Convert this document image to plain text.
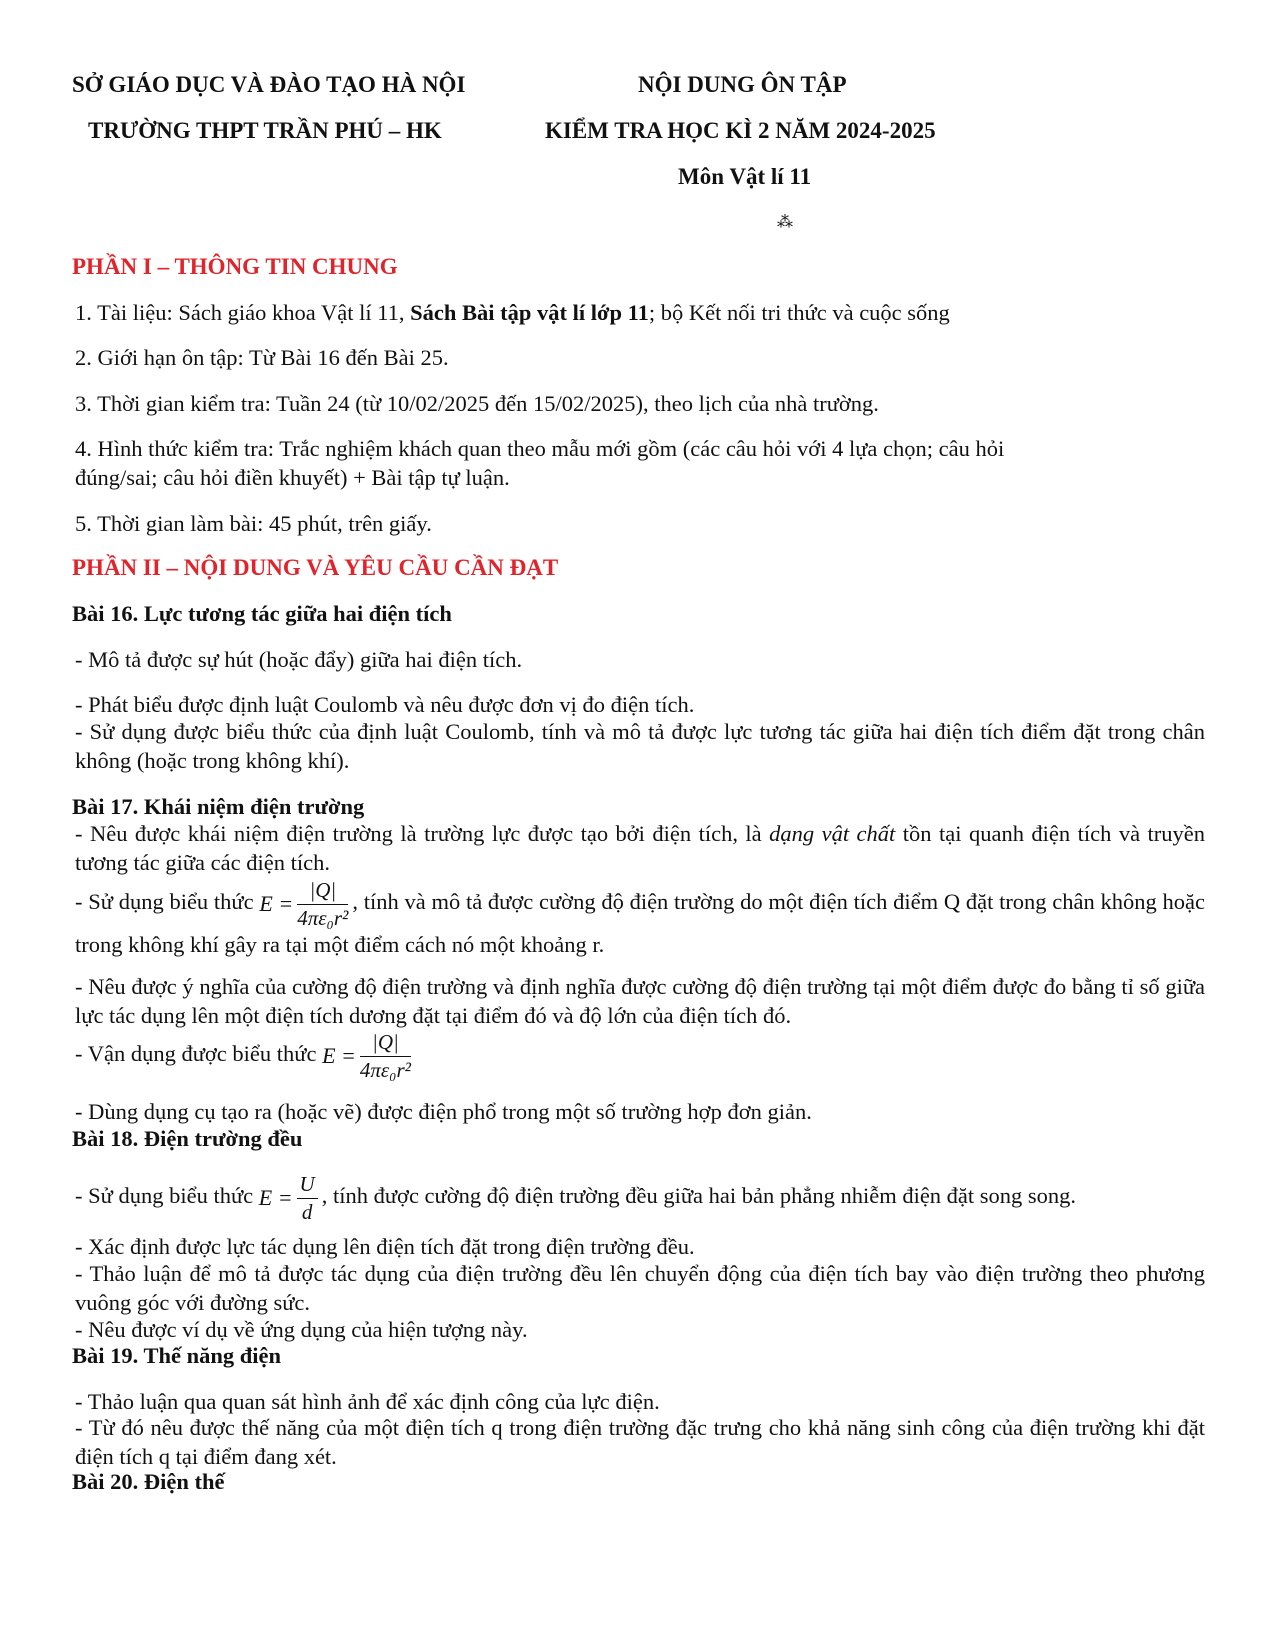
SỞ GIÁO DỤC VÀ ĐÀO TẠO HÀ NỘI
TRƯỜNG THPT TRẦN PHÚ – HK
NỘI DUNG ÔN TẬP
KIỂM TRA HỌC KÌ 2 NĂM 2024-2025
Môn Vật lí 11
⁂
PHẦN I – THÔNG TIN CHUNG
1. Tài liệu: Sách giáo khoa Vật lí 11, Sách Bài tập vật lí lớp 11; bộ Kết nối tri thức và cuộc sống
2. Giới hạn ôn tập: Từ Bài 16 đến Bài 25.
3. Thời gian kiểm tra: Tuần 24 (từ 10/02/2025 đến 15/02/2025), theo lịch của nhà trường.
4. Hình thức kiểm tra: Trắc nghiệm khách quan theo mẫu mới gồm (các câu hỏi với 4 lựa chọn; câu hỏi đúng/sai; câu hỏi điền khuyết) + Bài tập tự luận.
5. Thời gian làm bài: 45 phút, trên giấy.
PHẦN II – NỘI DUNG VÀ YÊU CẦU CẦN ĐẠT
Bài 16. Lực tương tác giữa hai điện tích
- Mô tả được sự hút (hoặc đẩy) giữa hai điện tích.
- Phát biểu được định luật Coulomb và nêu được đơn vị đo điện tích.
- Sử dụng được biểu thức của định luật Coulomb, tính và mô tả được lực tương tác giữa hai điện tích điểm đặt trong chân không (hoặc trong không khí).
Bài 17. Khái niệm điện trường
- Nêu được khái niệm điện trường là trường lực được tạo bởi điện tích, là dạng vật chất tồn tại quanh điện tích và truyền tương tác giữa các điện tích.
- Sử dụng biểu thức $E = \frac{|Q|}{\text{4πε₀r²}}$ , tính và mô tả được cường độ điện trường do một điện tích điểm Q đặt trong chân không hoặc trong không khí gây ra tại một điểm cách nó một khoảng r.
- Nêu được ý nghĩa của cường độ điện trường và định nghĩa được cường độ điện trường tại một điểm được đo bằng tỉ số giữa lực tác dụng lên một điện tích dương đặt tại điểm đó và độ lớn của điện tích đó.
- Vận dụng được biểu thức $E = \frac{|Q|}{\text{4πε₀r²}}$
- Dùng dụng cụ tạo ra (hoặc vẽ) được điện phổ trong một số trường hợp đơn giản.
Bài 18. Điện trường đều
- Sử dụng biểu thức $E = \frac{U}{d}$ , tính được cường độ điện trường đều giữa hai bản phẳng nhiễm điện đặt song song.
- Xác định được lực tác dụng lên điện tích đặt trong điện trường đều.
- Thảo luận để mô tả được tác dụng của điện trường đều lên chuyển động của điện tích bay vào điện trường theo phương vuông góc với đường sức.
- Nêu được ví dụ về ứng dụng của hiện tượng này.
Bài 19. Thế năng điện
- Thảo luận qua quan sát hình ảnh để xác định công của lực điện.
- Từ đó nêu được thế năng của một điện tích q trong điện trường đặc trưng cho khả năng sinh công của điện trường khi đặt điện tích q tại điểm đang xét.
Bài 20. Điện thế
